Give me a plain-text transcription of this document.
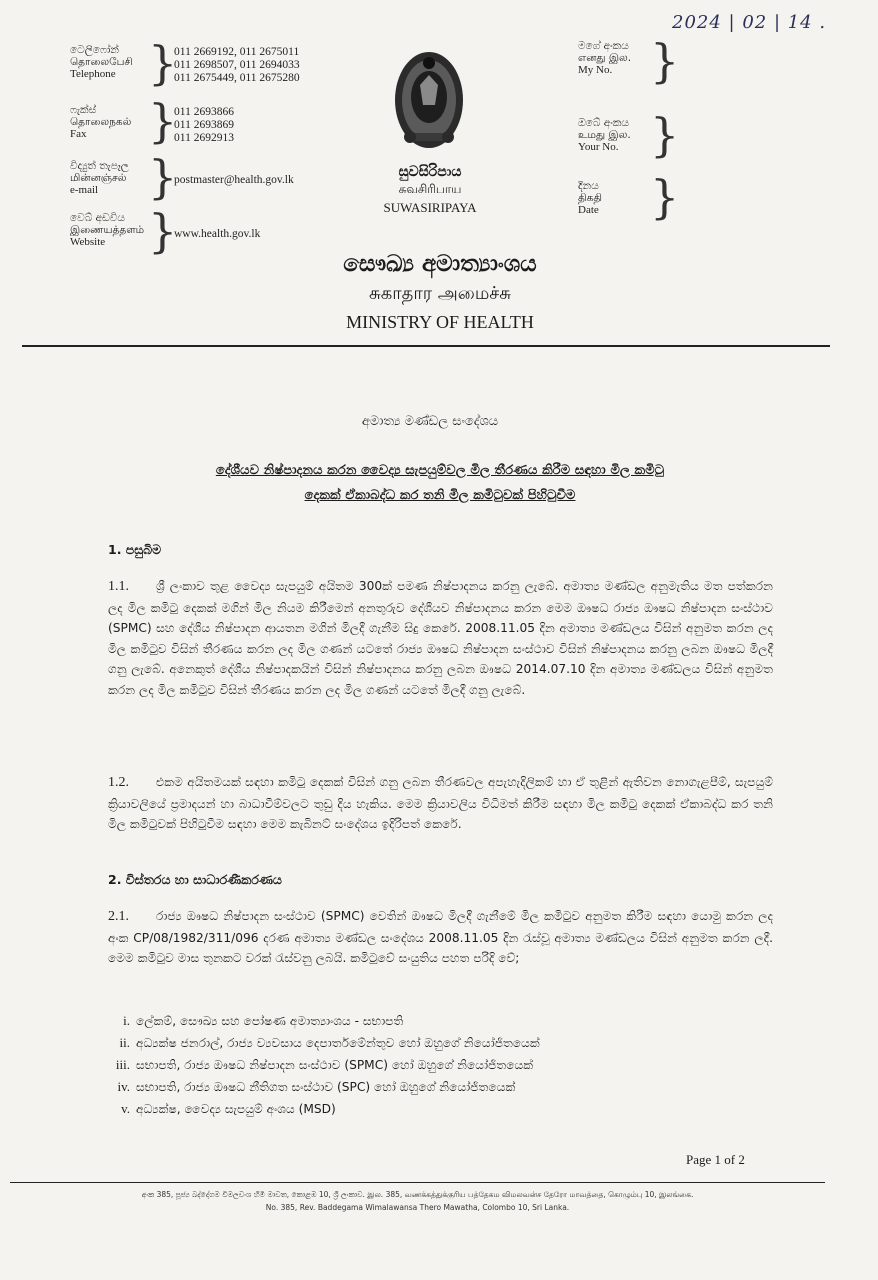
2024 | 02 | 14 .
ටෙලිෆෝන්
தொலைபேசி
Telephone }
011 2669192, 011 2675011
011 2698507, 011 2694033
011 2675449, 011 2675280
ෆැක්ස්
தொலைநகல்
Fax	}
011 2693866
011 2693869
011 2692913
විද්‍යුත් තැපෑල
மின்னஞ்சல்
e-mail	}
postmaster@health.gov.lk
වෙබ් අඩවිය
இணையத்தளம்
Website }
www.health.gov.lk
සුවසිරිපාය
சுவசிரிபாய
SUWASIRIPAYA
මගේ අංකය
எனது இல.
My No. }
ඔබේ අංකය
உமது இல.
Your No. }
දිනය
திகதி
Date }
සෞඛ්‍ය අමාත්‍යාංශය
சுகாதார அமைச்சு
MINISTRY OF HEALTH
අමාත්‍ය මණ්ඩල සංදේශය
දේශීයව නිෂ්පාදනය කරන වෛද්‍ය සැපයුම්වල මිල තීරණය කිරීම සඳහා මිල කමිටු
දෙකක් ඒකාබද්ධ කර තනි මිල කමිටුවක් පිහිටුවීම
1. පසුබිම
1.1. ශ්‍රී ලංකාව තුළ වෛද්‍ය සැපයුම් අයිතම 300ක් පමණ නිෂ්පාදනය කරනු ලැබේ. අමාත්‍ය මණ්ඩල අනුමැතිය මත පත්කරන ලද මිල කමිටු දෙකක් මගින් මිල නියම කිරීමෙන් අනතුරුව දේශීයව නිෂ්පාදනය කරන මෙම ඖෂධ රාජ්‍ය ඖෂධ නිෂ්පාදන සංස්ථාව (SPMC) සහ දේශීය නිෂ්පාදන ආයතන මගින් මිලදී ගැනීම සිදු කෙරේ. 2008.11.05 දින අමාත්‍ය මණ්ඩලය විසින් අනුමත කරන ලද මිල කමිටුව විසින් තීරණය කරන ලද මිල ගණන් යටතේ රාජ්‍ය ඖෂධ නිෂ්පාදන සංස්ථාව විසින් නිෂ්පාදනය කරනු ලබන ඖෂධ මිලදී ගනු ලැබේ. අනෙකුත් දේශීය නිෂ්පාදකයින් විසින් නිෂ්පාදනය කරනු ලබන ඖෂධ 2014.07.10 දින අමාත්‍ය මණ්ඩලය විසින් අනුමත කරන ලද මිල කමිටුව විසින් තීරණය කරන ලද මිල ගණන් යටතේ මිලදී ගනු ලැබේ.
1.2. එකම අයිතමයක් සඳහා කමිටු දෙකක් විසින් ගනු ලබන තීරණවල අපැහැදිලිකම් හා ඒ තුළින් ඇතිවන නොගැළපීම්, සැපයුම් ක්‍රියාවලියේ ප්‍රමාදයන් හා බාධාවීම්වලට තුඩු දිය හැකිය. මෙම ක්‍රියාවලිය විධිමත් කිරීම සඳහා මිල කමිටු දෙකක් ඒකාබද්ධ කර තනි මිල කමිටුවක් පිහිටුවීම සඳහා මෙම කැබිනට් සංදේශය ඉදිරිපත් කෙරේ.
2. විස්තරය හා සාධාරණීකරණය
2.1. රාජ්‍ය ඖෂධ නිෂ්පාදන සංස්ථාව (SPMC) වෙතින් ඖෂධ මිලදී ගැනීමේ මිල කමිටුව අනුමත කිරීම සඳහා යොමු කරන ලද අංක CP/08/1982/311/096 දරණ අමාත්‍ය මණ්ඩල සංදේශය 2008.11.05 දින රැස්වූ අමාත්‍ය මණ්ඩලය විසින් අනුමත කරන ලදී. මෙම කමිටුව මාස තුනකට වරක් රැස්වනු ලබයි. කමිටුවේ සංයුතිය පහත පරිදි වේ;
i. ලේකම්, සෞඛ්‍ය සහ පෝෂණ අමාත්‍යාංශය - සභාපති
ii. අධ්‍යක්ෂ ජනරාල්, රාජ්‍ය ව්‍යවසාය දෙපාර්තමේන්තුව හෝ ඔහුගේ නියෝජිතයෙක්
iii. සභාපති, රාජ්‍ය ඖෂධ නිෂ්පාදන සංස්ථාව (SPMC) හෝ ඔහුගේ නියෝජිතයෙක්
iv. සභාපති, රාජ්‍ය ඖෂධ නීතිගත සංස්ථාව (SPC) හෝ ඔහුගේ නියෝජිතයෙක්
v. අධ්‍යක්ෂ, වෛද්‍ය සැපයුම් අංශය (MSD)
Page 1 of 2
අංක 385, පූජ්‍ය බද්දේගම විමලවංශ හිමි මාවත, කොළඹ 10, ශ්‍රී ලංකාව. இல. 385, வணக்கத்துக்குரிய பத்தேகம விமலவன்ச தேரோ மாவத்தை, கொழும்பு 10, இலங்கை.
No. 385, Rev. Baddegama Wimalawansa Thero Mawatha, Colombo 10, Sri Lanka.
